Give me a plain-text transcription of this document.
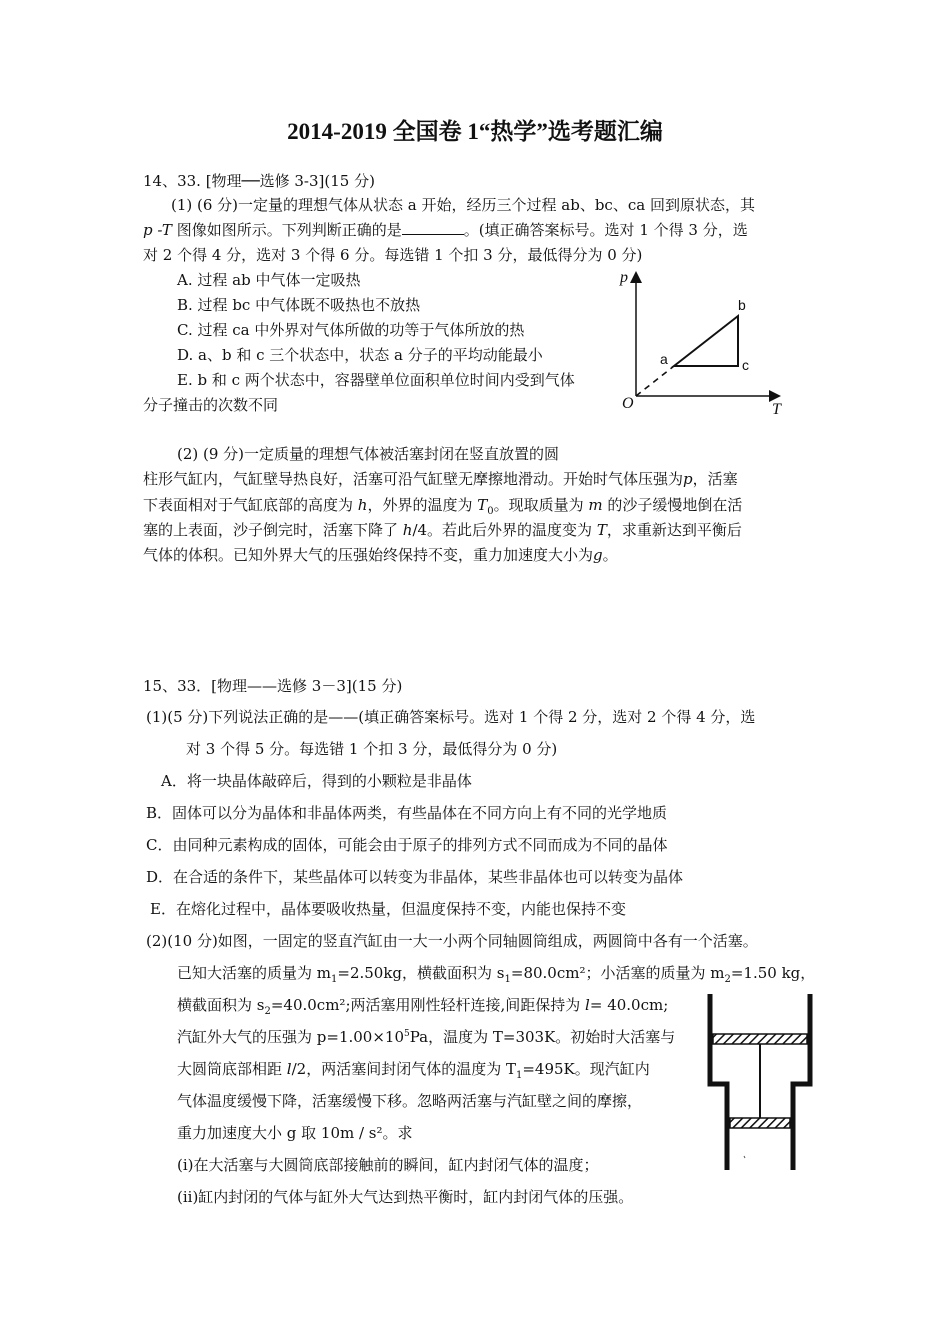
2014-2019 全国卷 1“热学”选考题汇编
14、33. [物理──选修 3-3](15 分)
(1) (6 分)一定量的理想气体从状态 a 开始，经历三个过程 ab、bc、ca 回到原状态，其
p -T 图像如图所示。下列判断正确的是	。(填正确答案标号。选对 1 个得 3 分，选
对 2 个得 4 分，选对 3 个得 6 分。每选错 1 个扣 3 分，最低得分为 0 分)
A. 过程 ab 中气体一定吸热
B. 过程 bc 中气体既不吸热也不放热
C. 过程 ca 中外界对气体所做的功等于气体所放的热
D. a、b 和 c 三个状态中，状态 a 分子的平均动能最小
E. b 和 c 两个状态中，容器壁单位面积单位时间内受到气体
分子撞击的次数不同
p
T
O
a
b
c
(2) (9 分)一定质量的理想气体被活塞封闭在竖直放置的圆
柱形气缸内，气缸壁导热良好，活塞可沿气缸壁无摩擦地滑动。开始时气体压强为p，活塞
下表面相对于气缸底部的高度为 h，外界的温度为 $T_0$。现取质量为 m 的沙子缓慢地倒在活
塞的上表面，沙子倒完时，活塞下降了 h/4。若此后外界的温度变为 T，求重新达到平衡后
气体的体积。已知外界大气的压强始终保持不变，重力加速度大小为g。
15、33．[物理——选修 3－3](15 分)
(1)(5 分)下列说法正确的是——(填正确答案标号。选对 1 个得 2 分，选对 2 个得 4 分，选
对 3 个得 5 分。每选错 1 个扣 3 分，最低得分为 0 分)
A．将一块晶体敲碎后，得到的小颗粒是非晶体
B．固体可以分为晶体和非晶体两类，有些晶体在不同方向上有不同的光学地质
C．由同种元素构成的固体，可能会由于原子的排列方式不同而成为不同的晶体
D．在合适的条件下，某些晶体可以转变为非晶体，某些非晶体也可以转变为晶体
E．在熔化过程中，晶体要吸收热量，但温度保持不变，内能也保持不变
(2)(10 分)如图，一固定的竖直汽缸由一大一小两个同轴圆筒组成，两圆筒中各有一个活塞。
已知大活塞的质量为 $m_1=2.50kg$，横截面积为 $s_1=80.0cm^2$；小活塞的质量为 $m_2=1.50$ kg，
横截面积为 $s_2=40.0cm^2$;两活塞用刚性轻杆连接,间距保持为 l= 40.0cm;
汽缸外大气的压强为 $p=1.00\times 10^5Pa$，温度为 T=303K。初始时大活塞与
大圆筒底部相距 l/2，两活塞间封闭气体的温度为 $T_1=495K$。现汽缸内
气体温度缓慢下降，活塞缓慢下移。忽略两活塞与汽缸壁之间的摩擦，
重力加速度大小 g 取 10m / s²。求
(i)在大活塞与大圆筒底部接触前的瞬间，缸内封闭气体的温度；
(ii)缸内封闭的气体与缸外大气达到热平衡时，缸内封闭气体的压强。
